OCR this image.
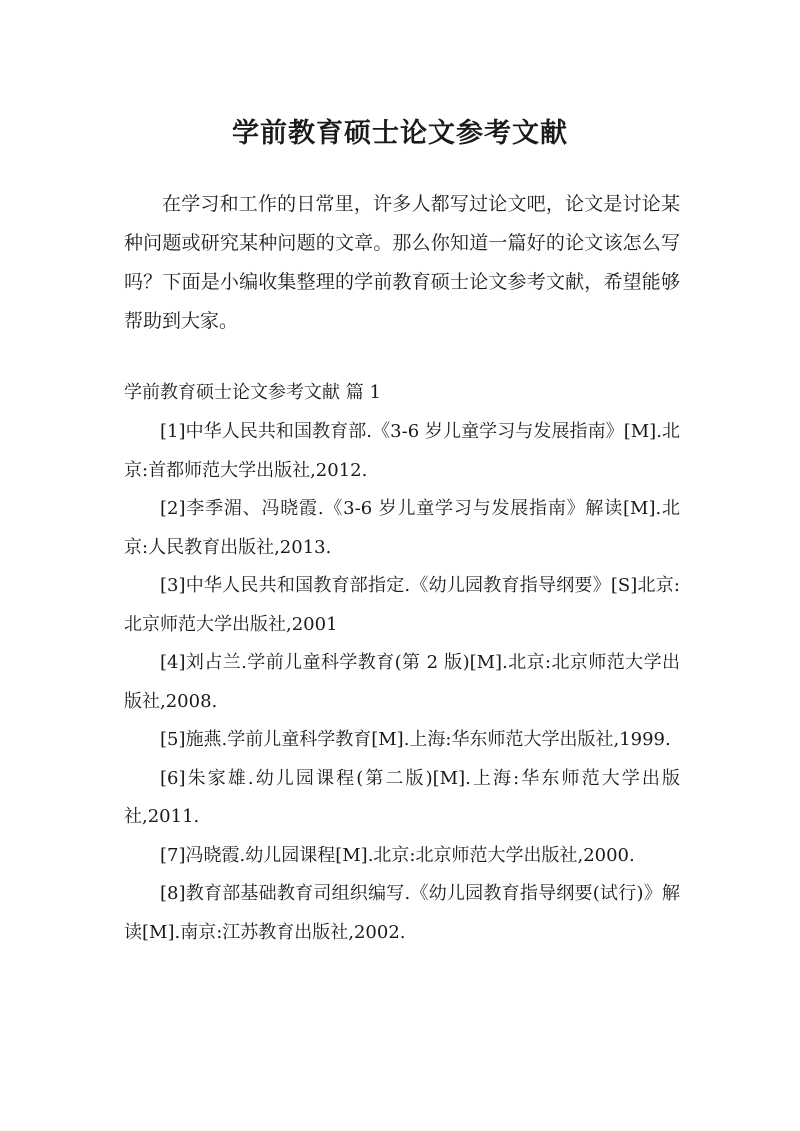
学前教育硕士论文参考文献

在学习和工作的日常里，许多人都写过论文吧，论文是讨论某种问题或研究某种问题的文章。那么你知道一篇好的论文该怎么写吗？下面是小编收集整理的学前教育硕士论文参考文献，希望能够帮助到大家。

学前教育硕士论文参考文献 篇 1

[1]中华人民共和国教育部.《3-6 岁儿童学习与发展指南》[M].北京:首都师范大学出版社,2012.
[2]李季湄、冯晓霞.《3-6 岁儿童学习与发展指南》解读[M].北京:人民教育出版社,2013.
[3]中华人民共和国教育部指定.《幼儿园教育指导纲要》[S]北京:北京师范大学出版社,2001
[4]刘占兰.学前儿童科学教育(第 2 版)[M].北京:北京师范大学出版社,2008.
[5]施燕.学前儿童科学教育[M].上海:华东师范大学出版社,1999.
[6]朱家雄.幼儿园课程(第二版)[M].上海:华东师范大学出版社,2011.
[7]冯晓霞.幼儿园课程[M].北京:北京师范大学出版社,2000.
[8]教育部基础教育司组织编写.《幼儿园教育指导纲要(试行)》解读[M].南京:江苏教育出版社,2002.
